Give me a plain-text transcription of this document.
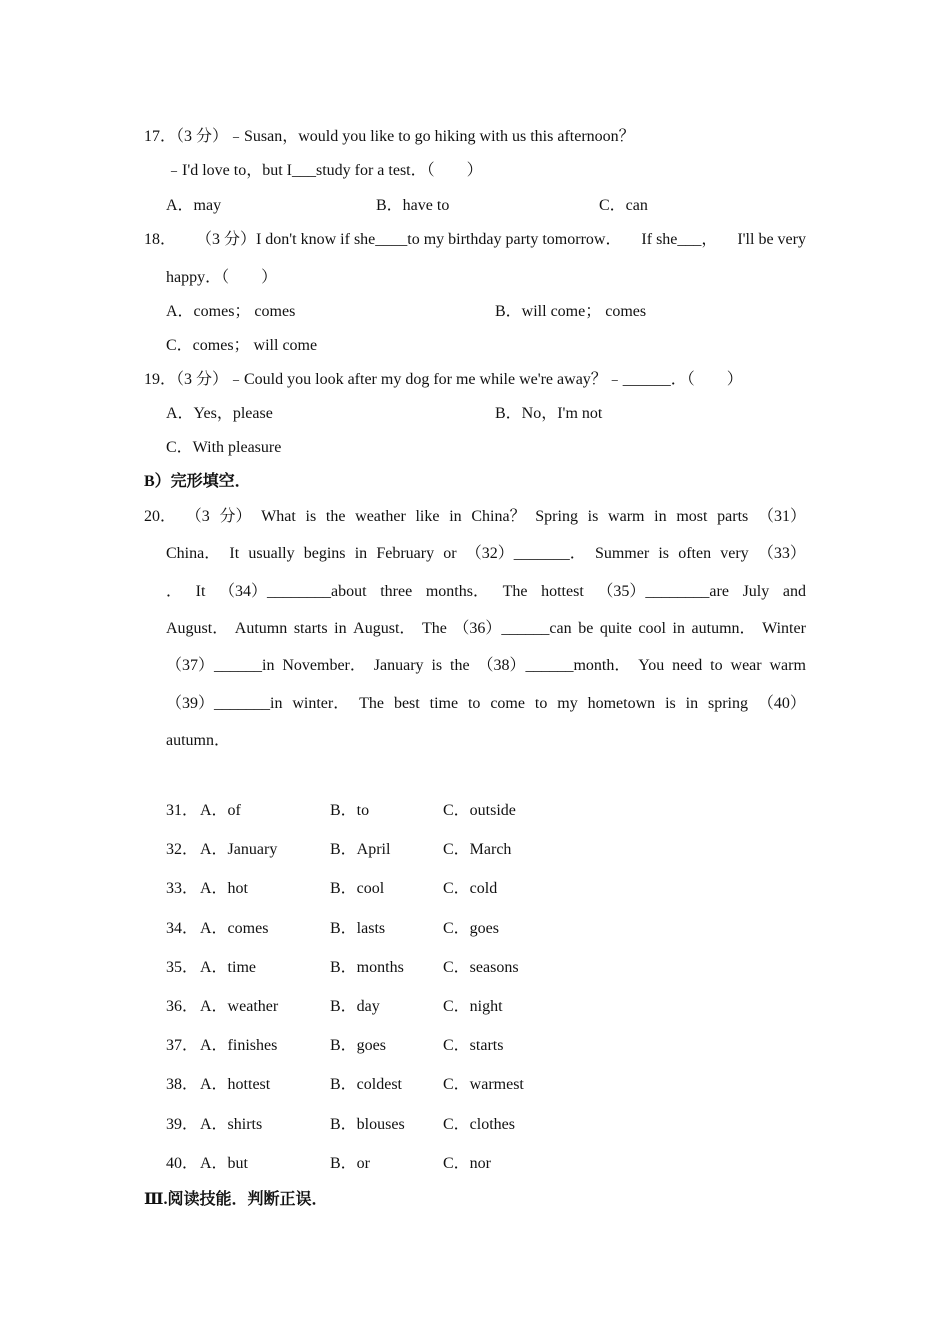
17．（3 分）﹣Susan，would you like to go hiking with us this afternoon？
﹣I'd love to，but I___study for a test．（　　）
A．may	B．have to	C．can
18． （3 分）I don't know if she____to my birthday party tomorrow． If she___， I'll be very
happy．（　　）
A．comes； comes	B．will come； comes
C．comes； will come
19．（3 分）﹣Could you look after my dog for me while we're away？﹣______．（　　）
A．Yes，please	B．No，I'm not
C．With pleasure
B）完形填空．
20． （3 分） What is the weather like in China？ Spring is warm in most parts （31）
China． It usually begins in February or （32）_______． Summer is often very （33）
． It （34）________about three months． The hottest （35）________are July and
August． Autumn starts in August． The （36）______can be quite cool in autumn． Winter
（37）______in November． January is the （38）______month． You need to wear warm
（39）_______in winter． The best time to come to my hometown is in spring （40）
autumn．
31． A．of	B．to	C．outside
32． A．January	B．April	C．March
33． A．hot	B．cool	C．cold
34． A．comes	B．lasts	C．goes
35． A．time	B．months C．seasons
36． A．weather	B．day	C．night
37． A．finishes	B．goes	C．starts
38． A．hottest	B．coldest	C．warmest
39． A．shirts	B．blouses C．clothes
40． A．but	B．or	C．nor
Ⅲ.阅读技能．判断正误．
